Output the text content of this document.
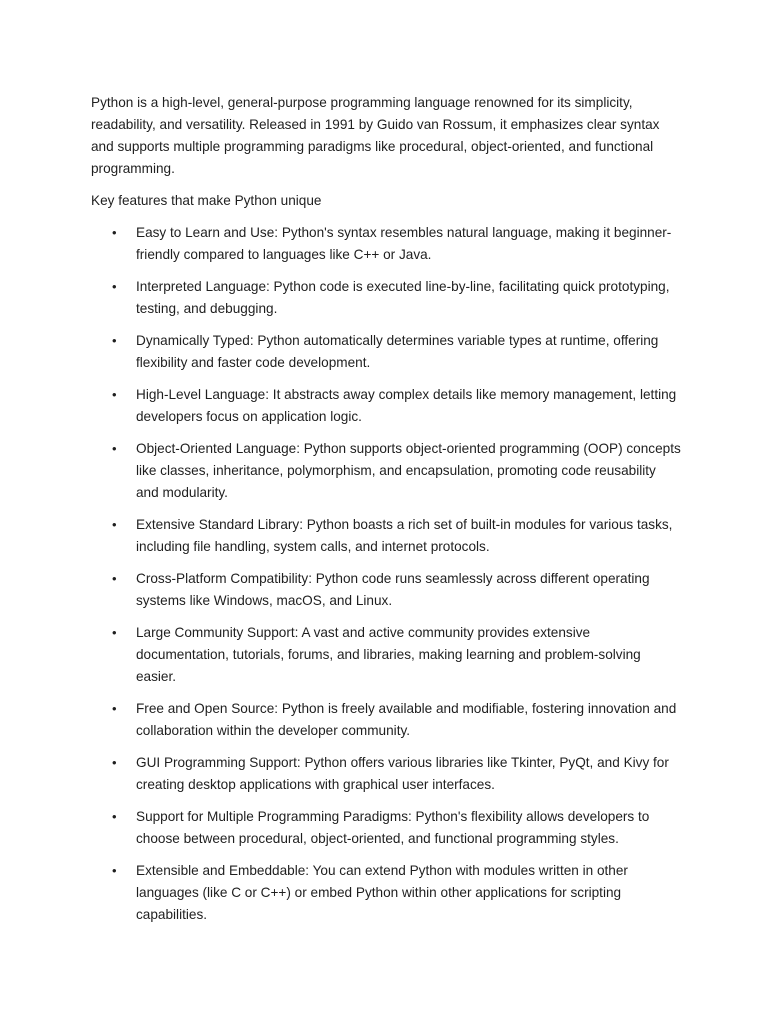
Python is a high-level, general-purpose programming language renowned for its simplicity, readability, and versatility. Released in 1991 by Guido van Rossum, it emphasizes clear syntax and supports multiple programming paradigms like procedural, object-oriented, and functional programming.

Key features that make Python unique

• Easy to Learn and Use: Python's syntax resembles natural language, making it beginner-friendly compared to languages like C++ or Java.
• Interpreted Language: Python code is executed line-by-line, facilitating quick prototyping, testing, and debugging.
• Dynamically Typed: Python automatically determines variable types at runtime, offering flexibility and faster code development.
• High-Level Language: It abstracts away complex details like memory management, letting developers focus on application logic.
• Object-Oriented Language: Python supports object-oriented programming (OOP) concepts like classes, inheritance, polymorphism, and encapsulation, promoting code reusability and modularity.
• Extensive Standard Library: Python boasts a rich set of built-in modules for various tasks, including file handling, system calls, and internet protocols.
• Cross-Platform Compatibility: Python code runs seamlessly across different operating systems like Windows, macOS, and Linux.
• Large Community Support: A vast and active community provides extensive documentation, tutorials, forums, and libraries, making learning and problem-solving easier.
• Free and Open Source: Python is freely available and modifiable, fostering innovation and collaboration within the developer community.
• GUI Programming Support: Python offers various libraries like Tkinter, PyQt, and Kivy for creating desktop applications with graphical user interfaces.
• Support for Multiple Programming Paradigms: Python's flexibility allows developers to choose between procedural, object-oriented, and functional programming styles.
• Extensible and Embeddable: You can extend Python with modules written in other languages (like C or C++) or embed Python within other applications for scripting capabilities.
